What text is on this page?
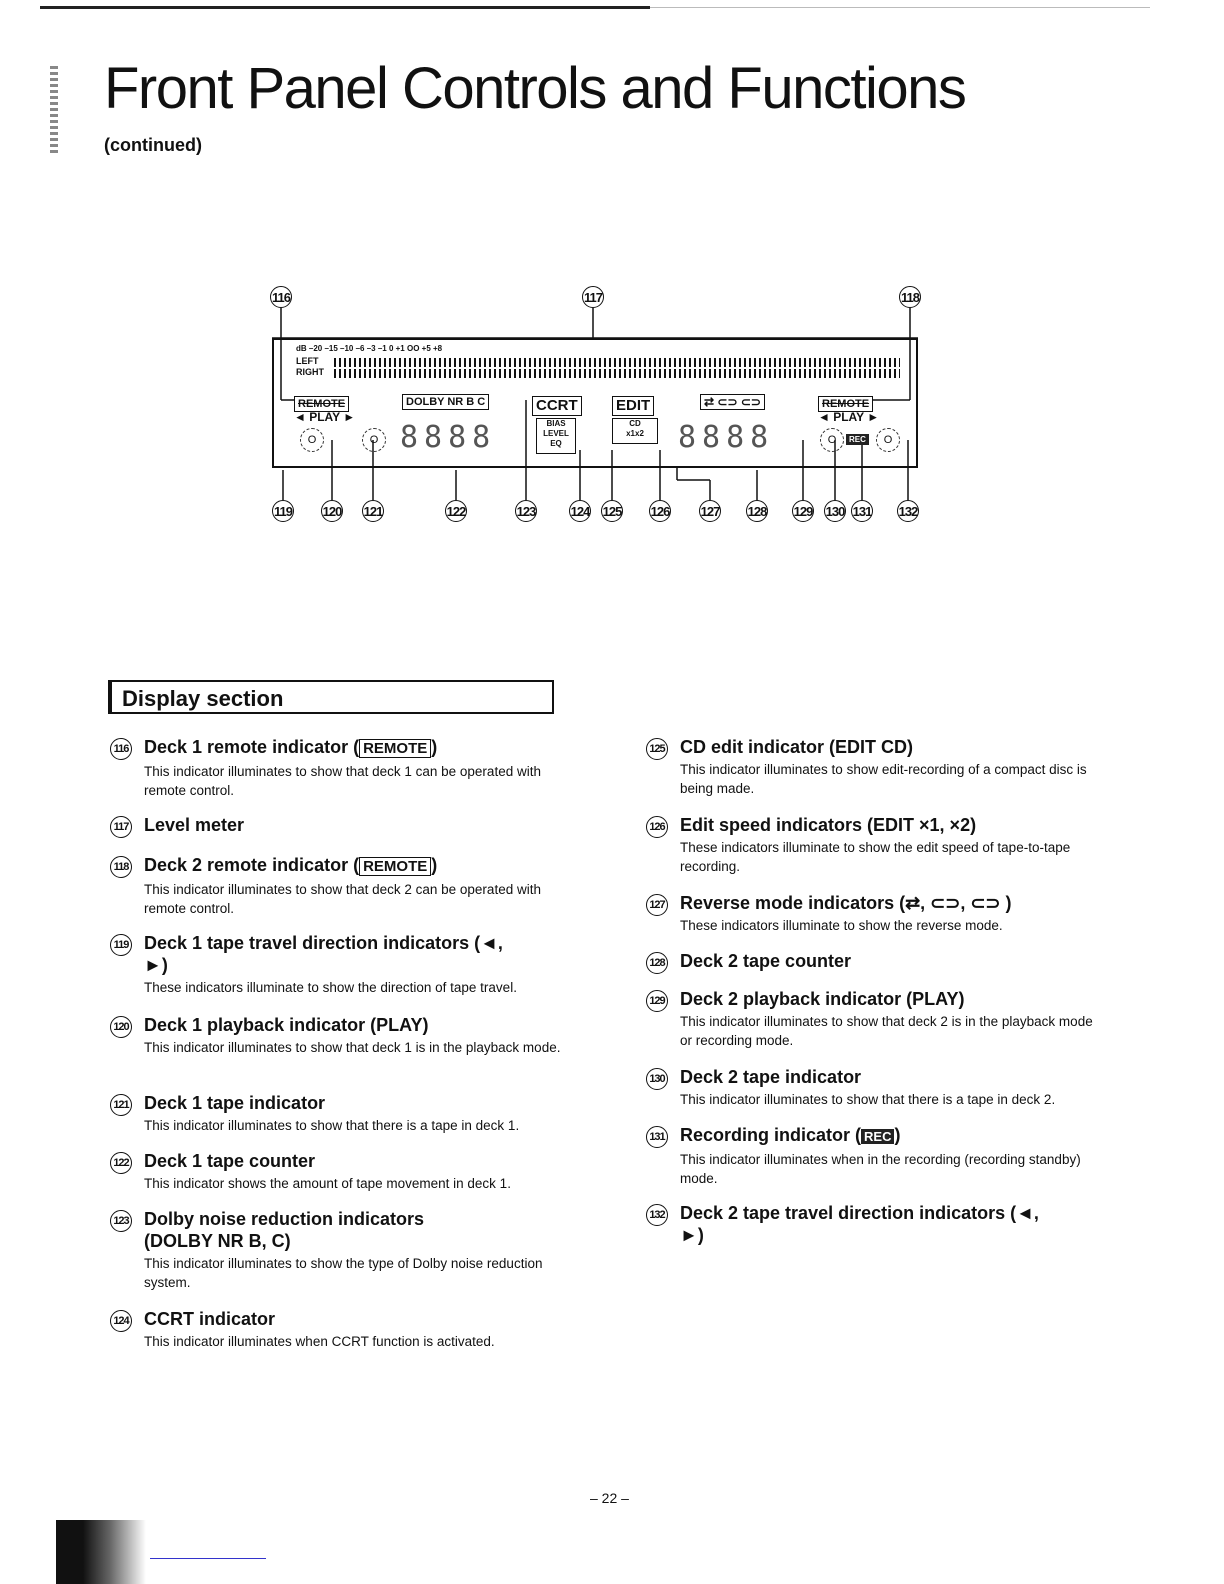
Front Panel Controls and Functions
(continued)
116	117	118
dB –20 –15 –10 –6 –3 –1 0 +1 OO +5 +8
LEFT
RIGHT
REMOTE
◄ PLAY ►
O	O 8888
DOLBY NR B C	CCRT
BIAS
LEVEL
EQ
EDIT
CD
x1x2
⇄ ⊂⊃ ⊂⊃
8888
REMOTE
◄ PLAY ►
O	REC	O
119 120 121	122	123	124 125 126 127 128 129 130 131 132
Display section
116 Deck 1 remote indicator ( REMOTE )
This indicator illuminates to show that deck 1 can be operated with remote control.
117 Level meter
118 Deck 2 remote indicator ( REMOTE )
This indicator illuminates to show that deck 2 can be operated with remote control.
119 Deck 1 tape travel direction indicators (◄, ►)
These indicators illuminate to show the direction of tape travel.
120 Deck 1 playback indicator (PLAY)
This indicator illuminates to show that deck 1 is in the playback mode.
121 Deck 1 tape indicator
This indicator illuminates to show that there is a tape in deck 1.
122 Deck 1 tape counter
This indicator shows the amount of tape movement in deck 1.
123 Dolby noise reduction indicators (DOLBY NR B, C)
This indicator illuminates to show the type of Dolby noise reduction system.
124 CCRT indicator
This indicator illuminates when CCRT function is activated.
125 CD edit indicator (EDIT CD)
This indicator illuminates to show edit-recording of a compact disc is being made.
126 Edit speed indicators (EDIT ×1, ×2)
These indicators illuminate to show the edit speed of tape-to-tape recording.
127 Reverse mode indicators (⇄, ⊂⊃, ⊂⊃ )
These indicators illuminate to show the reverse mode.
128 Deck 2 tape counter
129 Deck 2 playback indicator (PLAY)
This indicator illuminates to show that deck 2 is in the playback mode or recording mode.
130 Deck 2 tape indicator
This indicator illuminates to show that there is a tape in deck 2.
131 Recording indicator ( REC )
This indicator illuminates when in the recording (recording standby) mode.
132 Deck 2 tape travel direction indicators (◄, ►)
– 22 –
